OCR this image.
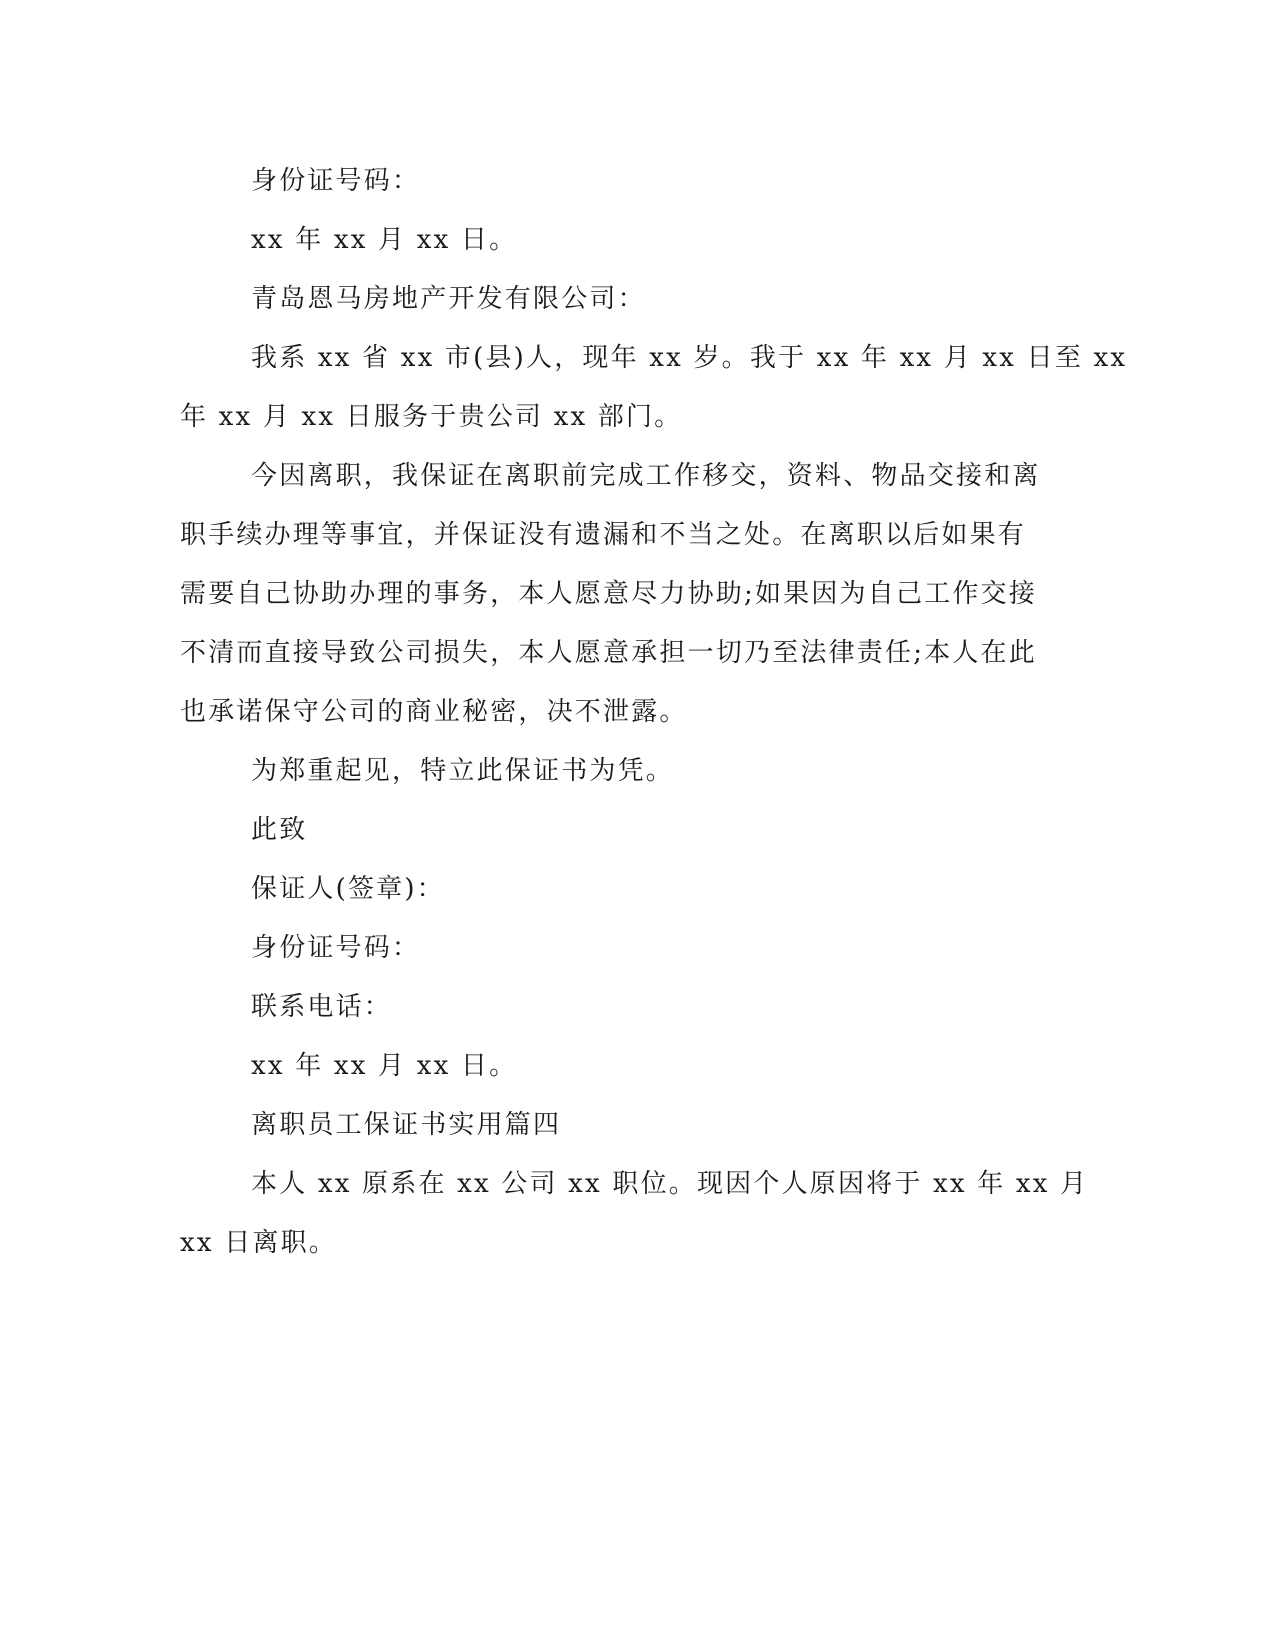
身份证号码：

xx 年 xx 月 xx 日。

青岛恩马房地产开发有限公司：

我系 xx 省 xx 市(县)人，现年 xx 岁。我于 xx 年 xx 月 xx 日至 xx

年 xx 月 xx 日服务于贵公司 xx 部门。

今因离职，我保证在离职前完成工作移交，资料、物品交接和离

职手续办理等事宜，并保证没有遗漏和不当之处。在离职以后如果有

需要自己协助办理的事务，本人愿意尽力协助;如果因为自己工作交接

不清而直接导致公司损失，本人愿意承担一切乃至法律责任;本人在此

也承诺保守公司的商业秘密，决不泄露。

为郑重起见，特立此保证书为凭。

此致

保证人(签章)：

身份证号码：

联系电话：

xx 年 xx 月 xx 日。

离职员工保证书实用篇四

本人 xx 原系在 xx 公司 xx 职位。现因个人原因将于 xx 年 xx 月

xx 日离职。
